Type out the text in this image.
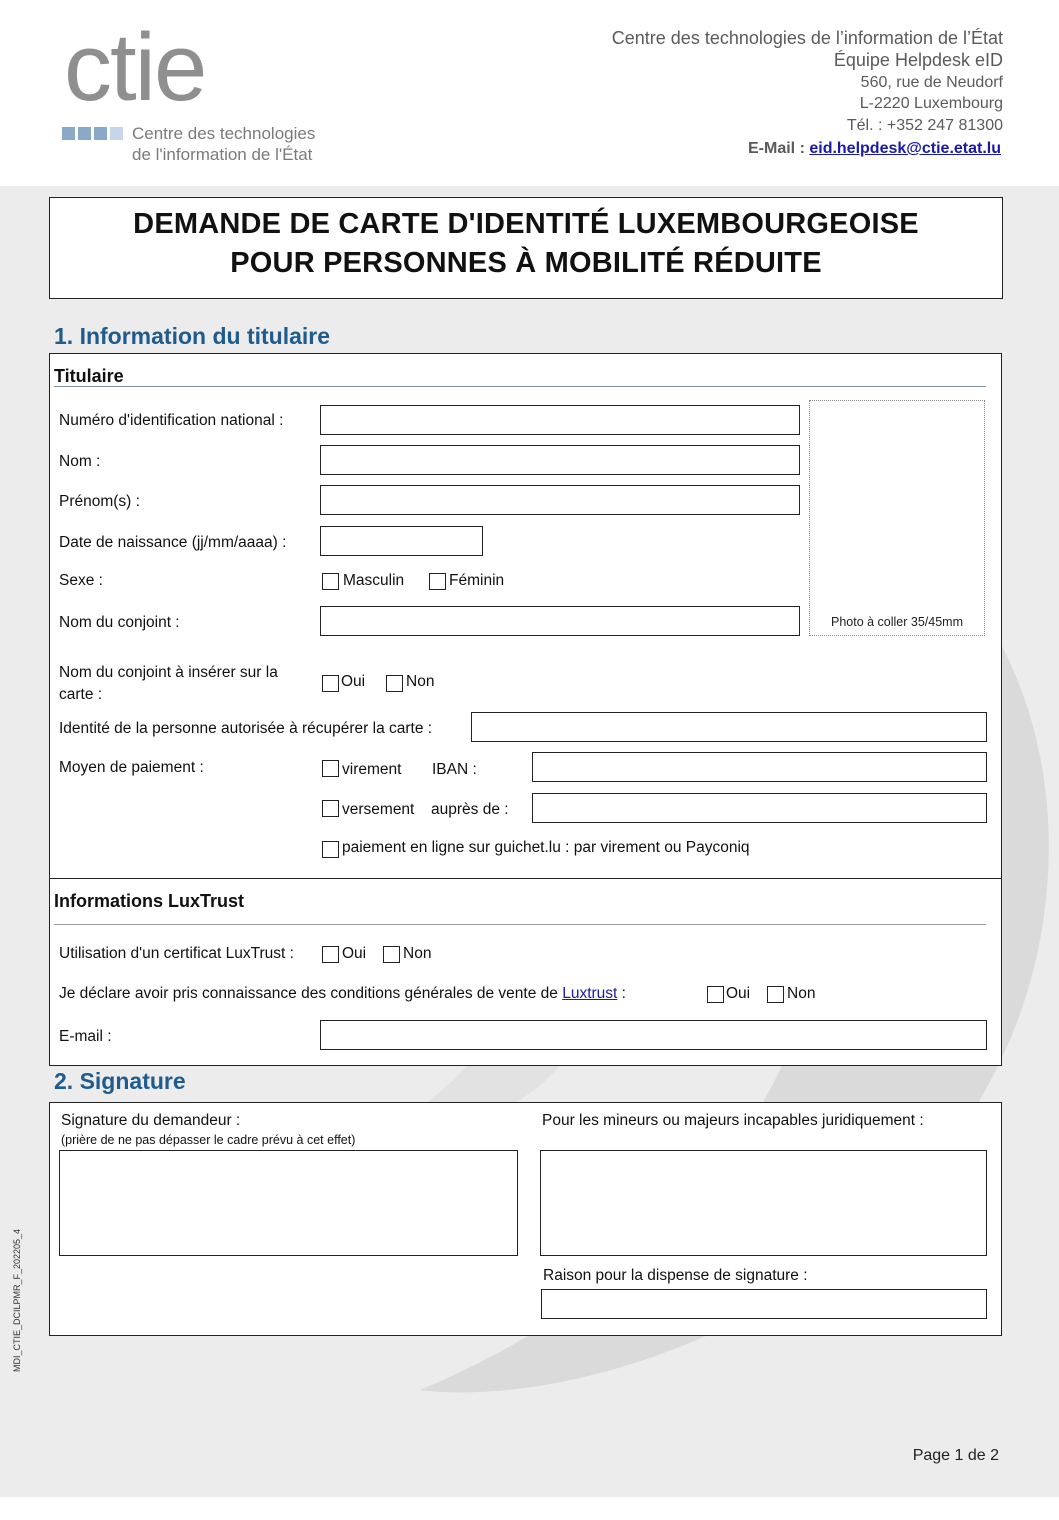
ctie
Centre des technologies
de l'information de l'État
Centre des technologies de l’information de l’État
Équipe Helpdesk eID
560, rue de Neudorf
L-2220 Luxembourg
Tél. : +352 247 81300
E-Mail : eid.helpdesk@ctie.etat.lu
DEMANDE DE CARTE D'IDENTITÉ LUXEMBOURGEOISE
POUR PERSONNES À MOBILITÉ RÉDUITE
1. Information du titulaire
Titulaire
Numéro d'identification national :
Nom :
Prénom(s) :
Date de naissance (jj/mm/aaaa) :
Sexe :	Masculin	Féminin
Nom du conjoint :	Photo à coller 35/45mm
Nom du conjoint à insérer sur la
carte :
Oui	Non
Identité de la personne autorisée à récupérer la carte :
Moyen de paiement :	virement IBAN :
versement auprès de :
paiement en ligne sur guichet.lu : par virement ou Payconiq
Informations LuxTrust
Utilisation d'un certificat LuxTrust :	Oui Non
Je déclare avoir pris connaissance des conditions générales de vente de Luxtrust :	Oui Non
E-mail :
2. Signature
Signature du demandeur :
(prière de ne pas dépasser le cadre prévu à cet effet)
Pour les mineurs ou majeurs incapables juridiquement :
Raison pour la dispense de signature :
MDI_CTIE_DCILPMR_F_202205_4
Page 1 de 2
